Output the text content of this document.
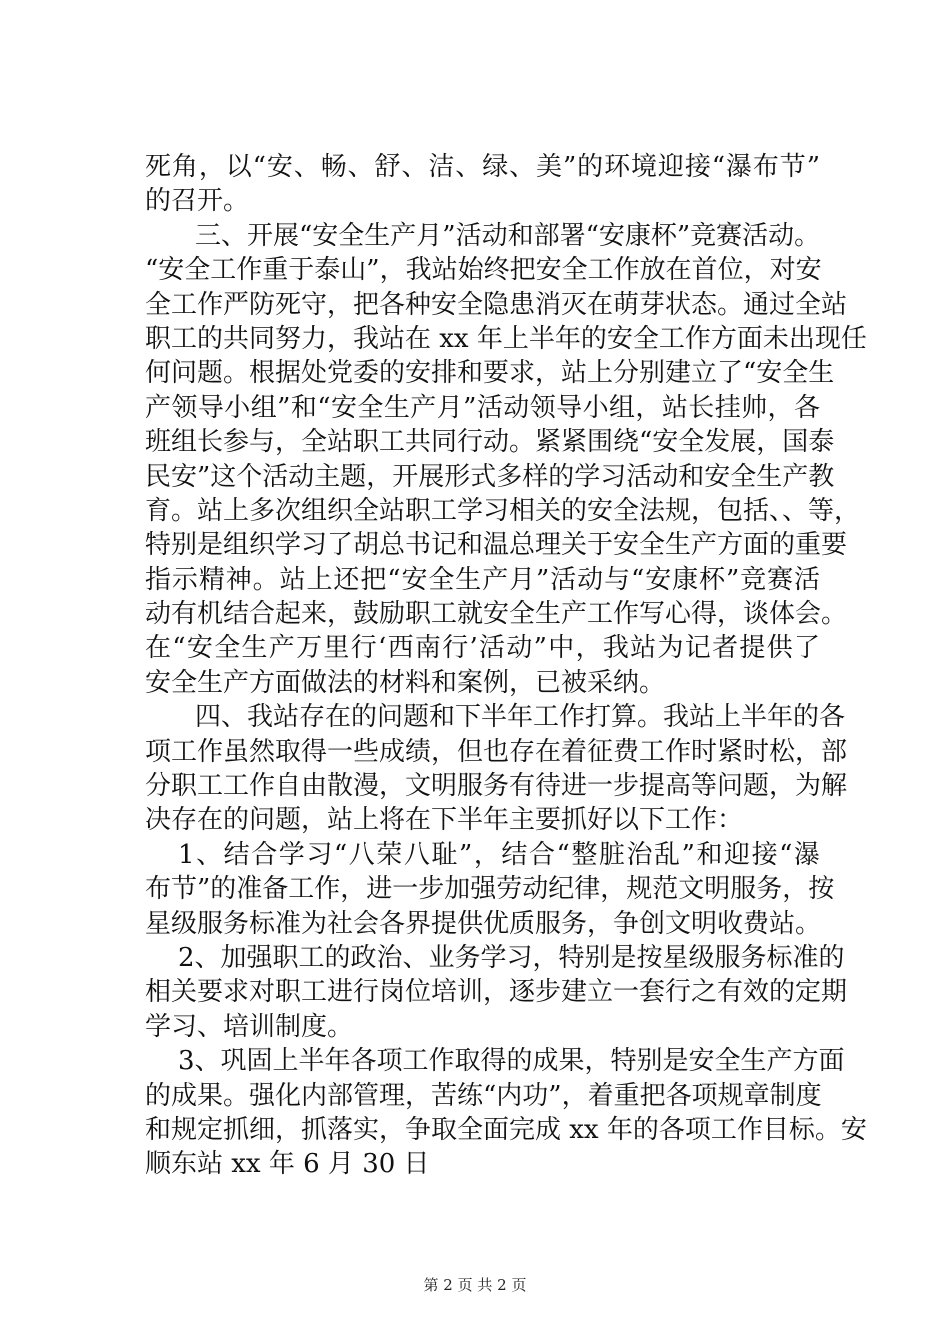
死角，以“安、畅、舒、洁、绿、美”的环境迎接“瀑布节”
的召开。
三、开展“安全生产月”活动和部署“安康杯”竞赛活动。
“安全工作重于泰山”，我站始终把安全工作放在首位，对安
全工作严防死守，把各种安全隐患消灭在萌芽状态。通过全站
职工的共同努力，我站在 xx 年上半年的安全工作方面未出现任
何问题。根据处党委的安排和要求，站上分别建立了“安全生
产领导小组”和“安全生产月”活动领导小组，站长挂帅，各
班组长参与，全站职工共同行动。紧紧围绕“安全发展，国泰
民安”这个活动主题，开展形式多样的学习活动和安全生产教
育。站上多次组织全站职工学习相关的安全法规，包括、、等，
特别是组织学习了胡总书记和温总理关于安全生产方面的重要
指示精神。站上还把“安全生产月”活动与“安康杯”竞赛活
动有机结合起来，鼓励职工就安全生产工作写心得，谈体会。
在“安全生产万里行‘西南行’活动”中，我站为记者提供了
安全生产方面做法的材料和案例，已被采纳。
四、我站存在的问题和下半年工作打算。我站上半年的各
项工作虽然取得一些成绩，但也存在着征费工作时紧时松，部
分职工工作自由散漫，文明服务有待进一步提高等问题，为解
决存在的问题，站上将在下半年主要抓好以下工作：
1、结合学习“八荣八耻”，结合“整脏治乱”和迎接“瀑
布节”的准备工作，进一步加强劳动纪律，规范文明服务，按
星级服务标准为社会各界提供优质服务，争创文明收费站。
2、加强职工的政治、业务学习，特别是按星级服务标准的
相关要求对职工进行岗位培训，逐步建立一套行之有效的定期
学习、培训制度。
3、巩固上半年各项工作取得的成果，特别是安全生产方面
的成果。强化内部管理，苦练“内功”，着重把各项规章制度
和规定抓细，抓落实，争取全面完成 xx 年的各项工作目标。安
顺东站 xx 年 6 月 30 日
第 2 页 共 2 页
